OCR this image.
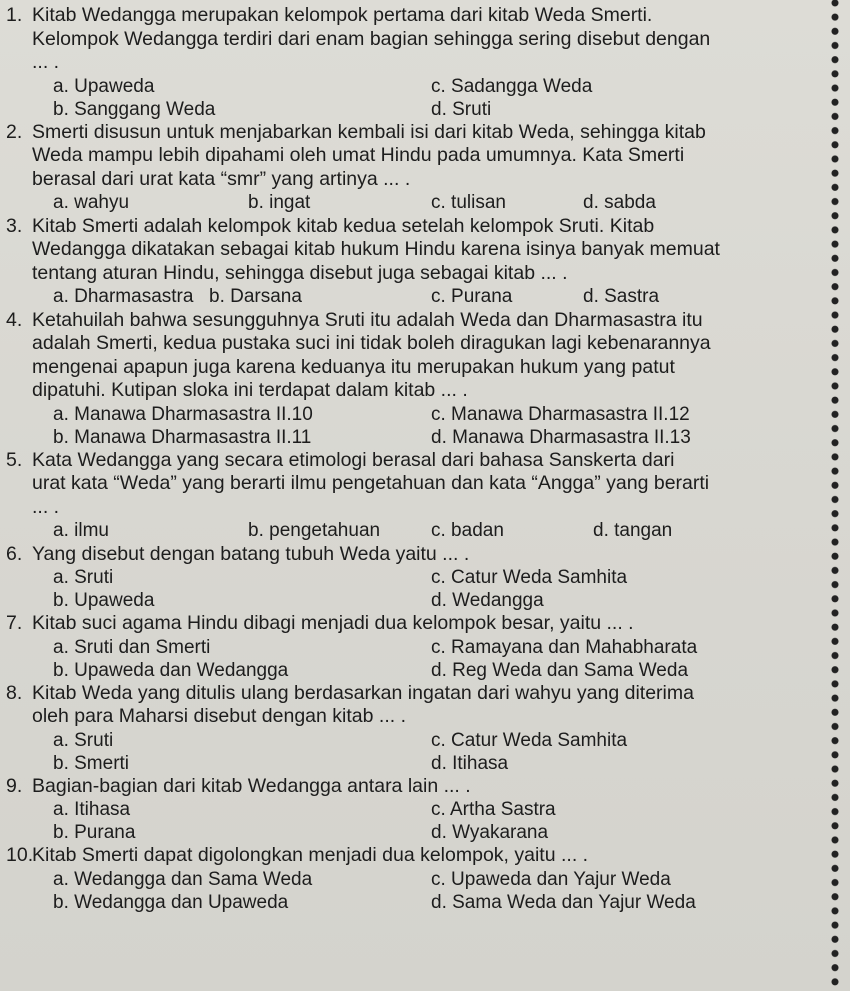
1. Kitab Wedangga merupakan kelompok pertama dari kitab Weda Smerti.
Kelompok Wedangga terdiri dari enam bagian sehingga sering disebut dengan
... .
a. Upaweda
b. Sanggang Weda
c. Sadangga Weda
d. Sruti
2. Smerti disusun untuk menjabarkan kembali isi dari kitab Weda, sehingga kitab
Weda mampu lebih dipahami oleh umat Hindu pada umumnya. Kata Smerti
berasal dari urat kata “smr” yang artinya ... .
a. wahyu	b. ingat	c. tulisan	d. sabda
3. Kitab Smerti adalah kelompok kitab kedua setelah kelompok Sruti. Kitab
Wedangga dikatakan sebagai kitab hukum Hindu karena isinya banyak memuat
tentang aturan Hindu, sehingga disebut juga sebagai kitab ... .
a. Dharmasastra b. Darsana	c. Purana	d. Sastra
4. Ketahuilah bahwa sesungguhnya Sruti itu adalah Weda dan Dharmasastra itu
adalah Smerti, kedua pustaka suci ini tidak boleh diragukan lagi kebenarannya
mengenai apapun juga karena keduanya itu merupakan hukum yang patut
dipatuhi. Kutipan sloka ini terdapat dalam kitab ... .
a. Manawa Dharmasastra II.10
b. Manawa Dharmasastra II.11
c. Manawa Dharmasastra II.12
d. Manawa Dharmasastra II.13
5. Kata Wedangga yang secara etimologi berasal dari bahasa Sanskerta dari
urat kata “Weda” yang berarti ilmu pengetahuan dan kata “Angga” yang berarti
... .
a. ilmu	b. pengetahuan	c. badan	d. tangan
6. Yang disebut dengan batang tubuh Weda yaitu ... .
a. Sruti
b. Upaweda
c. Catur Weda Samhita
d. Wedangga
7. Kitab suci agama Hindu dibagi menjadi dua kelompok besar, yaitu ... .
a. Sruti dan Smerti
b. Upaweda dan Wedangga
c. Ramayana dan Mahabharata
d. Reg Weda dan Sama Weda
8. Kitab Weda yang ditulis ulang berdasarkan ingatan dari wahyu yang diterima
oleh para Maharsi disebut dengan kitab ... .
a. Sruti
b. Smerti
c. Catur Weda Samhita
d. Itihasa
9. Bagian-bagian dari kitab Wedangga antara lain ... .
a. Itihasa
b. Purana
c. Artha Sastra
d. Wyakarana
10.
Kitab Smerti dapat digolongkan menjadi dua kelompok, yaitu ... .
a. Wedangga dan Sama Weda
b. Wedangga dan Upaweda
c. Upaweda dan Yajur Weda
d. Sama Weda dan Yajur Weda
